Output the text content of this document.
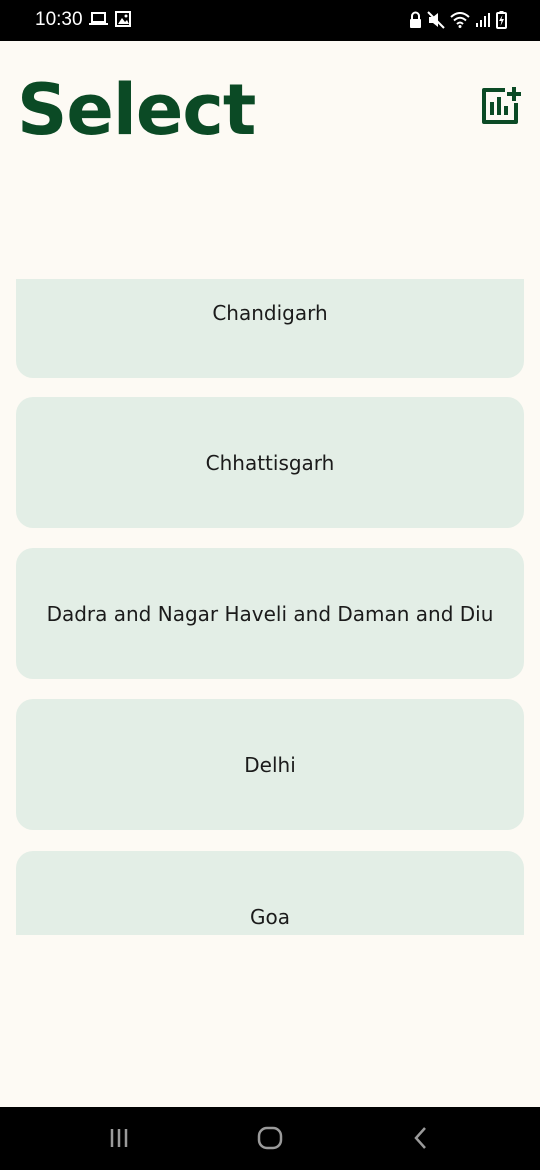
10:30
Select
Chandigarh
Chhattisgarh
Dadra and Nagar Haveli and Daman and Diu
Delhi
Goa
